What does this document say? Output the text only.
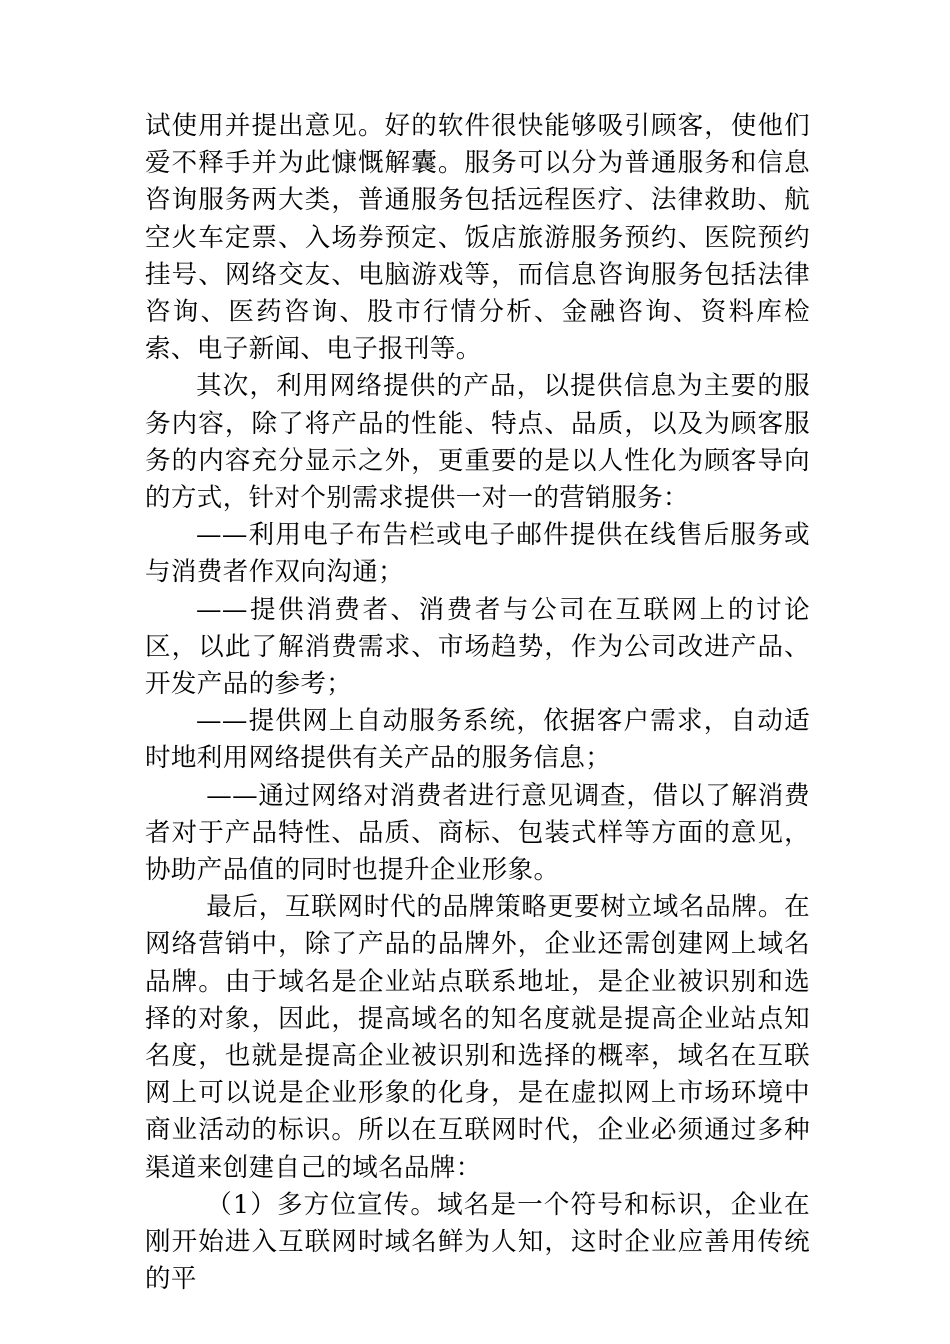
试使用并提出意见。好的软件很快能够吸引顾客，使他们爱不释手并为此慷慨解囊。服务可以分为普通服务和信息咨询服务两大类，普通服务包括远程医疗、法律救助、航空火车定票、入场券预定、饭店旅游服务预约、医院预约挂号、网络交友、电脑游戏等，而信息咨询服务包括法律咨询、医药咨询、股市行情分析、金融咨询、资料库检索、电子新闻、电子报刊等。

其次，利用网络提供的产品，以提供信息为主要的服务内容，除了将产品的性能、特点、品质，以及为顾客服务的内容充分显示之外，更重要的是以人性化为顾客导向的方式，针对个别需求提供一对一的营销服务：

——利用电子布告栏或电子邮件提供在线售后服务或与消费者作双向沟通；

——提供消费者、消费者与公司在互联网上的讨论区，以此了解消费需求、市场趋势，作为公司改进产品、开发产品的参考；

——提供网上自动服务系统，依据客户需求，自动适时地利用网络提供有关产品的服务信息；

——通过网络对消费者进行意见调查，借以了解消费者对于产品特性、品质、商标、包装式样等方面的意见，协助产品值的同时也提升企业形象。

最后，互联网时代的品牌策略更要树立域名品牌。在网络营销中，除了产品的品牌外，企业还需创建网上域名品牌。由于域名是企业站点联系地址，是企业被识别和选择的对象，因此，提高域名的知名度就是提高企业站点知名度，也就是提高企业被识别和选择的概率，域名在互联网上可以说是企业形象的化身，是在虚拟网上市场环境中商业活动的标识。所以在互联网时代，企业必须通过多种渠道来创建自己的域名品牌：

（1）多方位宣传。域名是一个符号和标识，企业在刚开始进入互联网时域名鲜为人知，这时企业应善用传统的平
